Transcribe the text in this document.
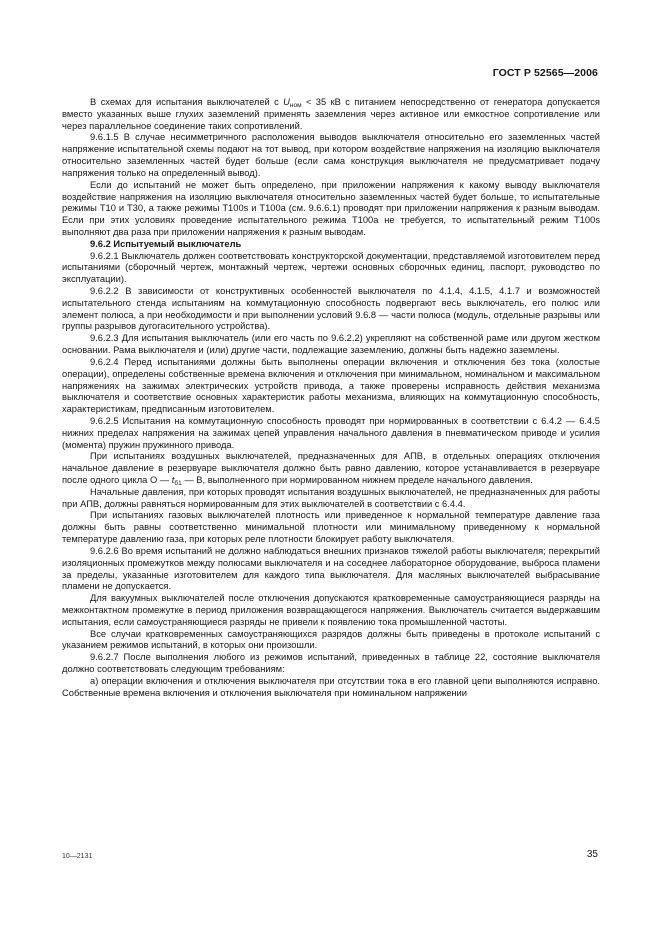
ГОСТ Р 52565—2006

В схемах для испытания выключателей с $U_{ном} < 35$ кВ с питанием непосредственно от генератора допускается вместо указанных выше глухих заземлений применять заземления через активное или емкостное сопротивление или через параллельное соединение таких сопротивлений.

9.6.1.5 В случае несимметричного расположения выводов выключателя относительно его заземленных частей напряжение испытательной схемы подают на тот вывод, при котором воздействие напряжения на изоляцию выключателя относительно заземленных частей будет больше (если сама конструкция выключателя не предусматривает подачу напряжения только на определенный вывод).

Если до испытаний не может быть определено, при приложении напряжения к какому выводу выключателя воздействие напряжения на изоляцию выключателя относительно заземленных частей будет больше, то испытательные режимы Т10 и Т30, а также режимы Т100s и Т100а (см. 9.6.6.1) проводят при приложении напряжения к разным выводам. Если при этих условиях проведение испытательного режима Т100а не требуется, то испытательный режим Т100s выполняют два раза при приложении напряжения к разным выводам.

9.6.2 Испытуемый выключатель

9.6.2.1 Выключатель должен соответствовать конструкторской документации, представляемой изготовителем перед испытаниями (сборочный чертеж, монтажный чертеж, чертежи основных сборочных единиц, паспорт, руководство по эксплуатации).

9.6.2.2 В зависимости от конструктивных особенностей выключателя по 4.1.4, 4.1.5, 4.1.7 и возможностей испытательного стенда испытаниям на коммутационную способность подвергают весь выключатель, его полюс или элемент полюса, а при необходимости и при выполнении условий 9.6.8 — части полюса (модуль, отдельные разрывы или группы разрывов дугогасительного устройства).

9.6.2.3 Для испытания выключатель (или его часть по 9.6.2.2) укрепляют на собственной раме или другом жестком основании. Рама выключателя и (или) другие части, подлежащие заземлению, должны быть надежно заземлены.

9.6.2.4 Перед испытаниями должны быть выполнены операции включения и отключения без тока (холостые операции), определены собственные времена включения и отключения при минимальном, номинальном и максимальном напряжениях на зажимах электрических устройств привода, а также проверены исправность действия механизма выключателя и соответствие основных характеристик работы механизма, влияющих на коммутационную способность, характеристикам, предписанным изготовителем.

9.6.2.5 Испытания на коммутационную способность проводят при нормированных в соответствии с 6.4.2 — 6.4.5 нижних пределах напряжения на зажимах цепей управления начального давления в пневматическом приводе и усилия (момента) пружин пружинного привода.

При испытаниях воздушных выключателей, предназначенных для АПВ, в отдельных операциях отключения начальное давление в резервуаре выключателя должно быть равно давлению, которое устанавливается в резервуаре после одного цикла О — $t_{б1}$ — В, выполненного при нормированном нижнем пределе начального давления.

Начальные давления, при которых проводят испытания воздушных выключателей, не предназначенных для работы при АПВ, должны равняться нормированным для этих выключателей в соответствии с 6.4.4.

При испытаниях газовых выключателей плотность или приведенное к нормальной температуре давление газа должны быть равны соответственно минимальной плотности или минимальному приведенному к нормальной температуре давлению газа, при которых реле плотности блокирует работу выключателя.

9.6.2.6 Во время испытаний не должно наблюдаться внешних признаков тяжелой работы выключателя; перекрытий изоляционных промежутков между полюсами выключателя и на соседнее лабораторное оборудование, выброса пламени за пределы, указанные изготовителем для каждого типа выключателя. Для масляных выключателей выбрасывание пламени не допускается.

Для вакуумных выключателей после отключения допускаются кратковременные самоустраняющиеся разряды на межконтактном промежутке в период приложения возвращающегося напряжения. Выключатель считается выдержавшим испытания, если самоустраняющиеся разряды не привели к появлению тока промышленной частоты.

Все случаи кратковременных самоустраняющихся разрядов должны быть приведены в протоколе испытаний с указанием режимов испытаний, в которых они произошли.

9.6.2.7 После выполнения любого из режимов испытаний, приведенных в таблице 22, состояние выключателя должно соответствовать следующим требованиям:

а) операции включения и отключения выключателя при отсутствии тока в его главной цепи выполняются исправно. Собственные времена включения и отключения выключателя при номинальном напряжении

10—2131	35
